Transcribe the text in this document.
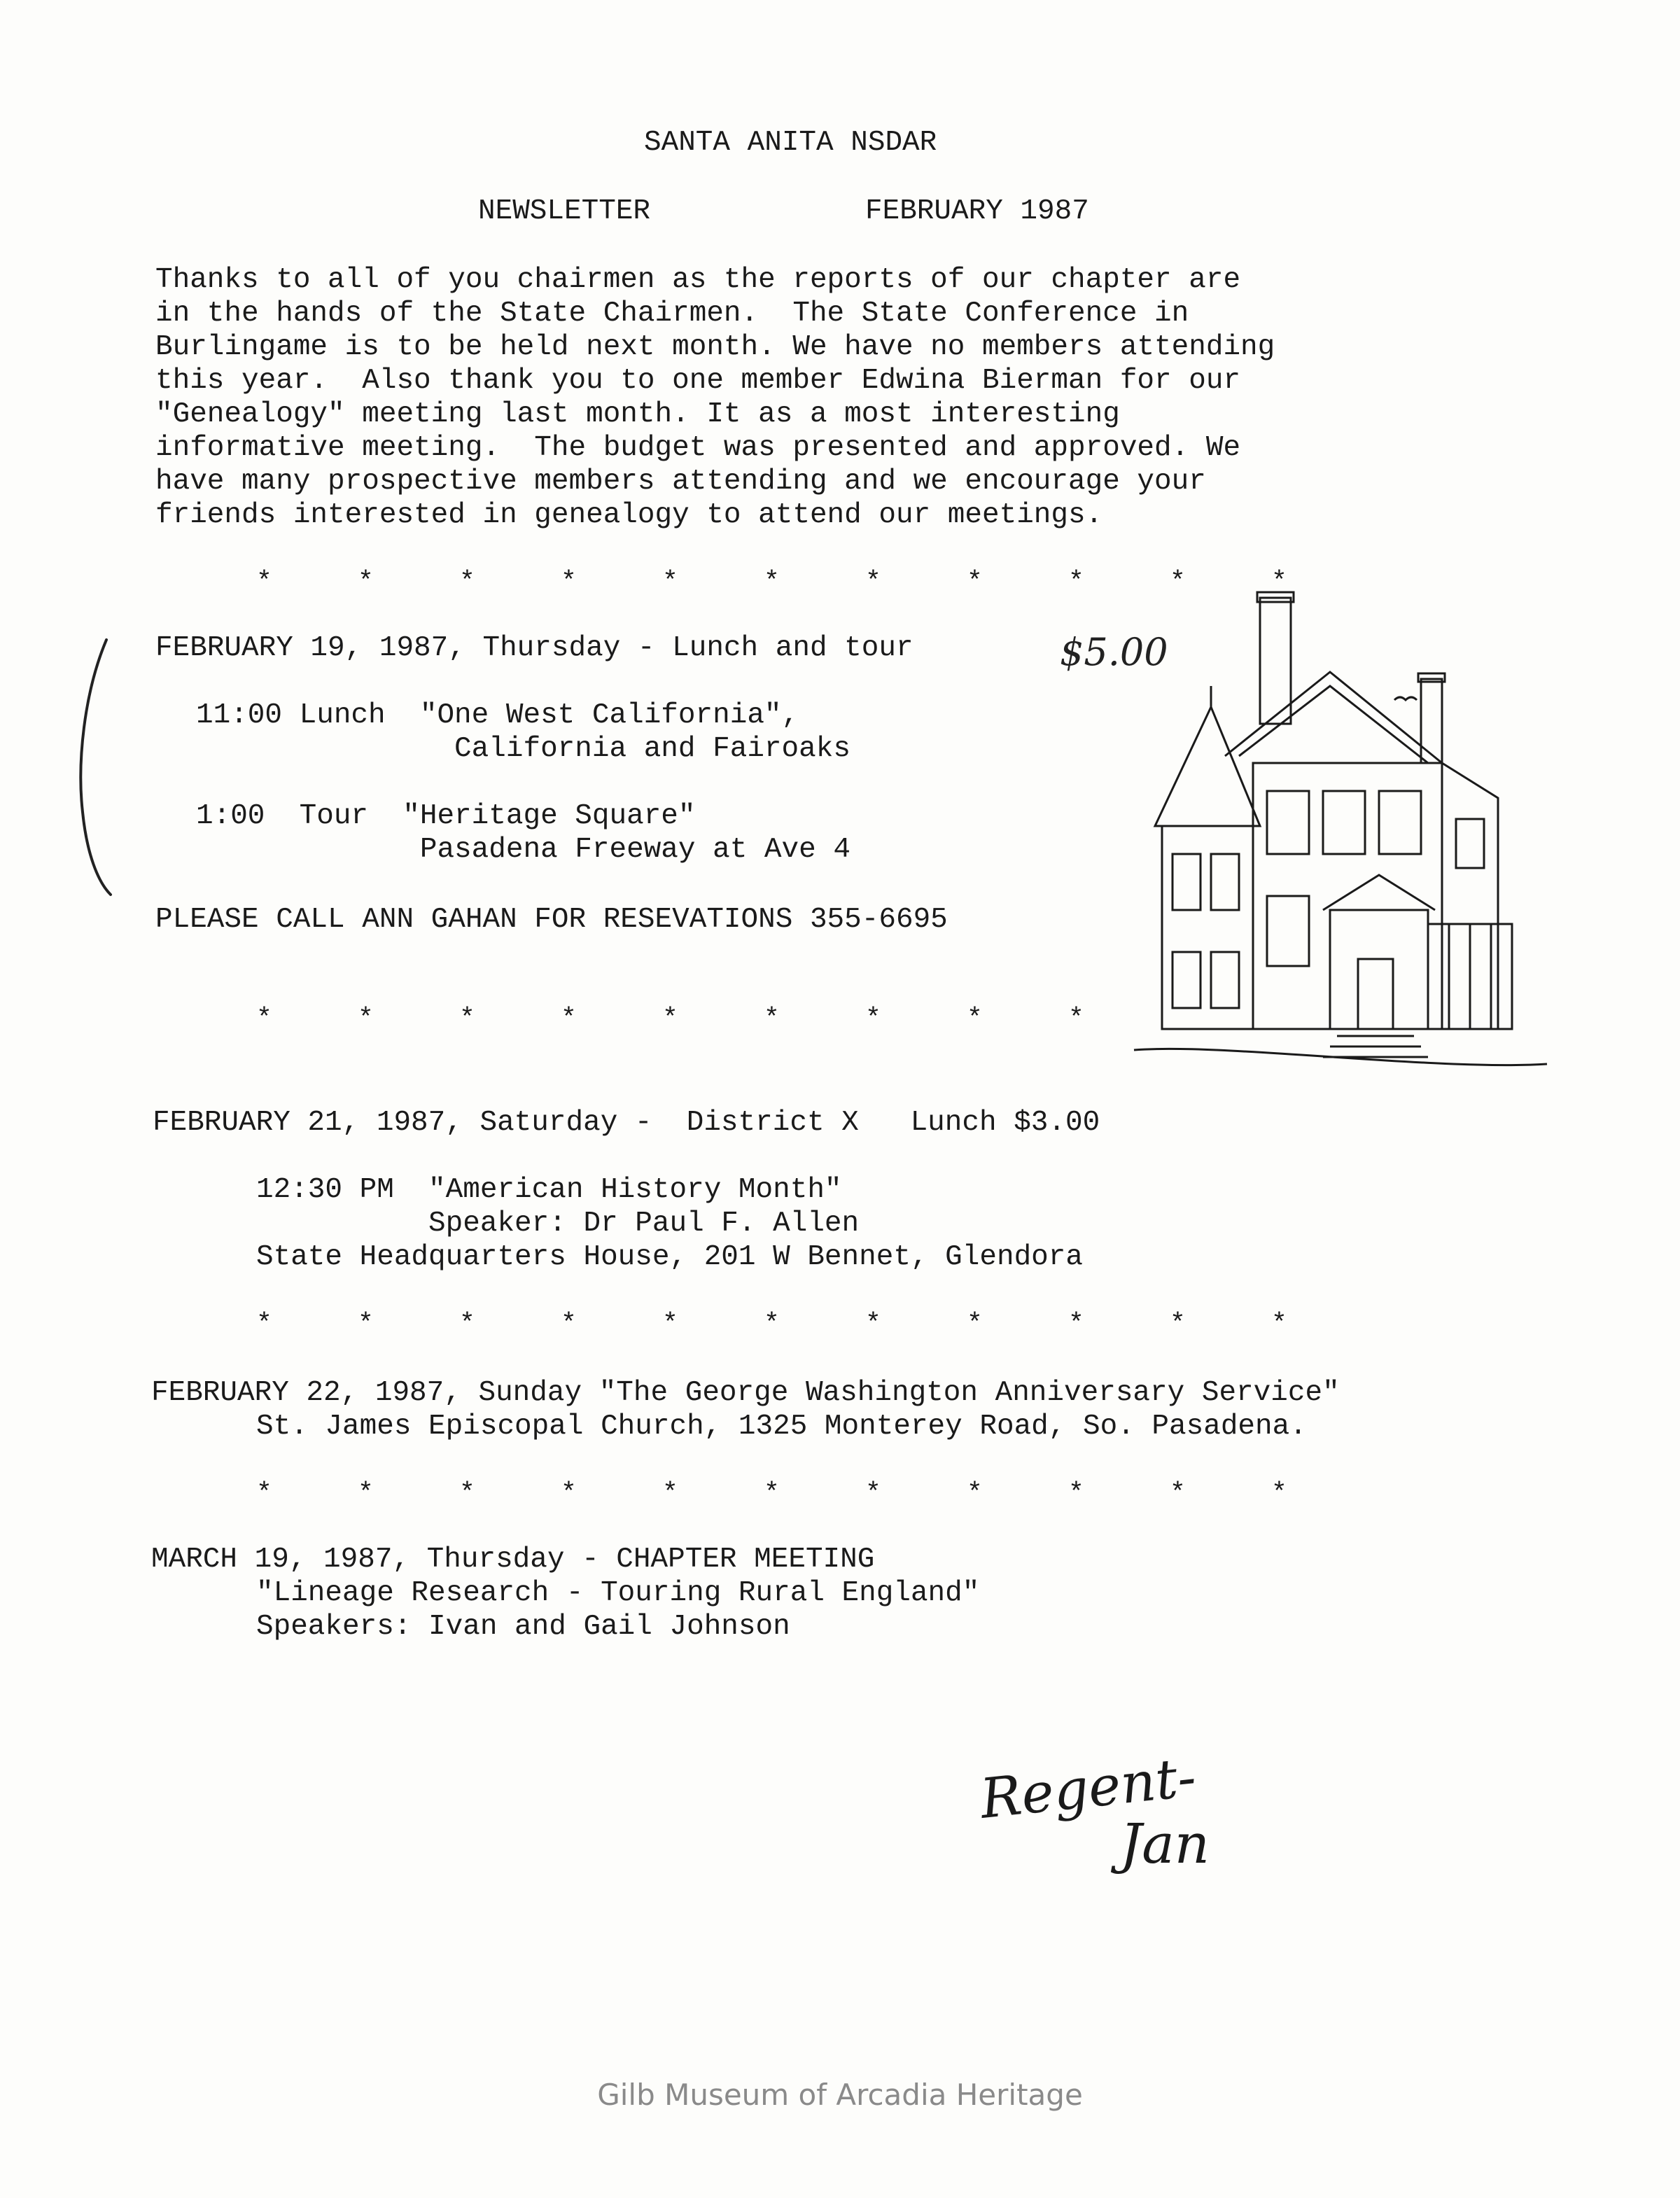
SANTA ANITA NSDAR
NEWSLETTER	FEBRUARY 1987
Thanks to all of you chairmen as the reports of our chapter are
in the hands of the State Chairmen.  The State Conference in
Burlingame is to be held next month. We have no members attending
this year.  Also thank you to one member Edwina Bierman for our
"Genealogy" meeting last month. It as a most interesting
informative meeting.  The budget was presented and approved. We
have many prospective members attending and we encourage your
friends interested in genealogy to attend our meetings.
*	*	*	*	*	*	*	*	*	*	*
*	*	*	*	*	*	*	*	*
*	*	*	*	*	*	*	*	*	*	*
*	*	*	*	*	*	*	*	*	*	*
FEBRUARY 19, 1987, Thursday - Lunch and tour	$5.00
11:00 Lunch  "One West California",
California and Fairoaks
1:00  Tour  "Heritage Square"
Pasadena Freeway at Ave 4
PLEASE CALL ANN GAHAN FOR RESEVATIONS 355-6695
FEBRUARY 21, 1987, Saturday -  District X   Lunch $3.00
12:30 PM  "American History Month"
Speaker: Dr Paul F. Allen
State Headquarters House, 201 W Bennet, Glendora
FEBRUARY 22, 1987, Sunday "The George Washington Anniversary Service"
St. James Episcopal Church, 1325 Monterey Road, So. Pasadena.
MARCH 19, 1987, Thursday - CHAPTER MEETING
"Lineage Research - Touring Rural England"
Speakers: Ivan and Gail Johnson
Regent-
Jan
Gilb Museum of Arcadia Heritage
